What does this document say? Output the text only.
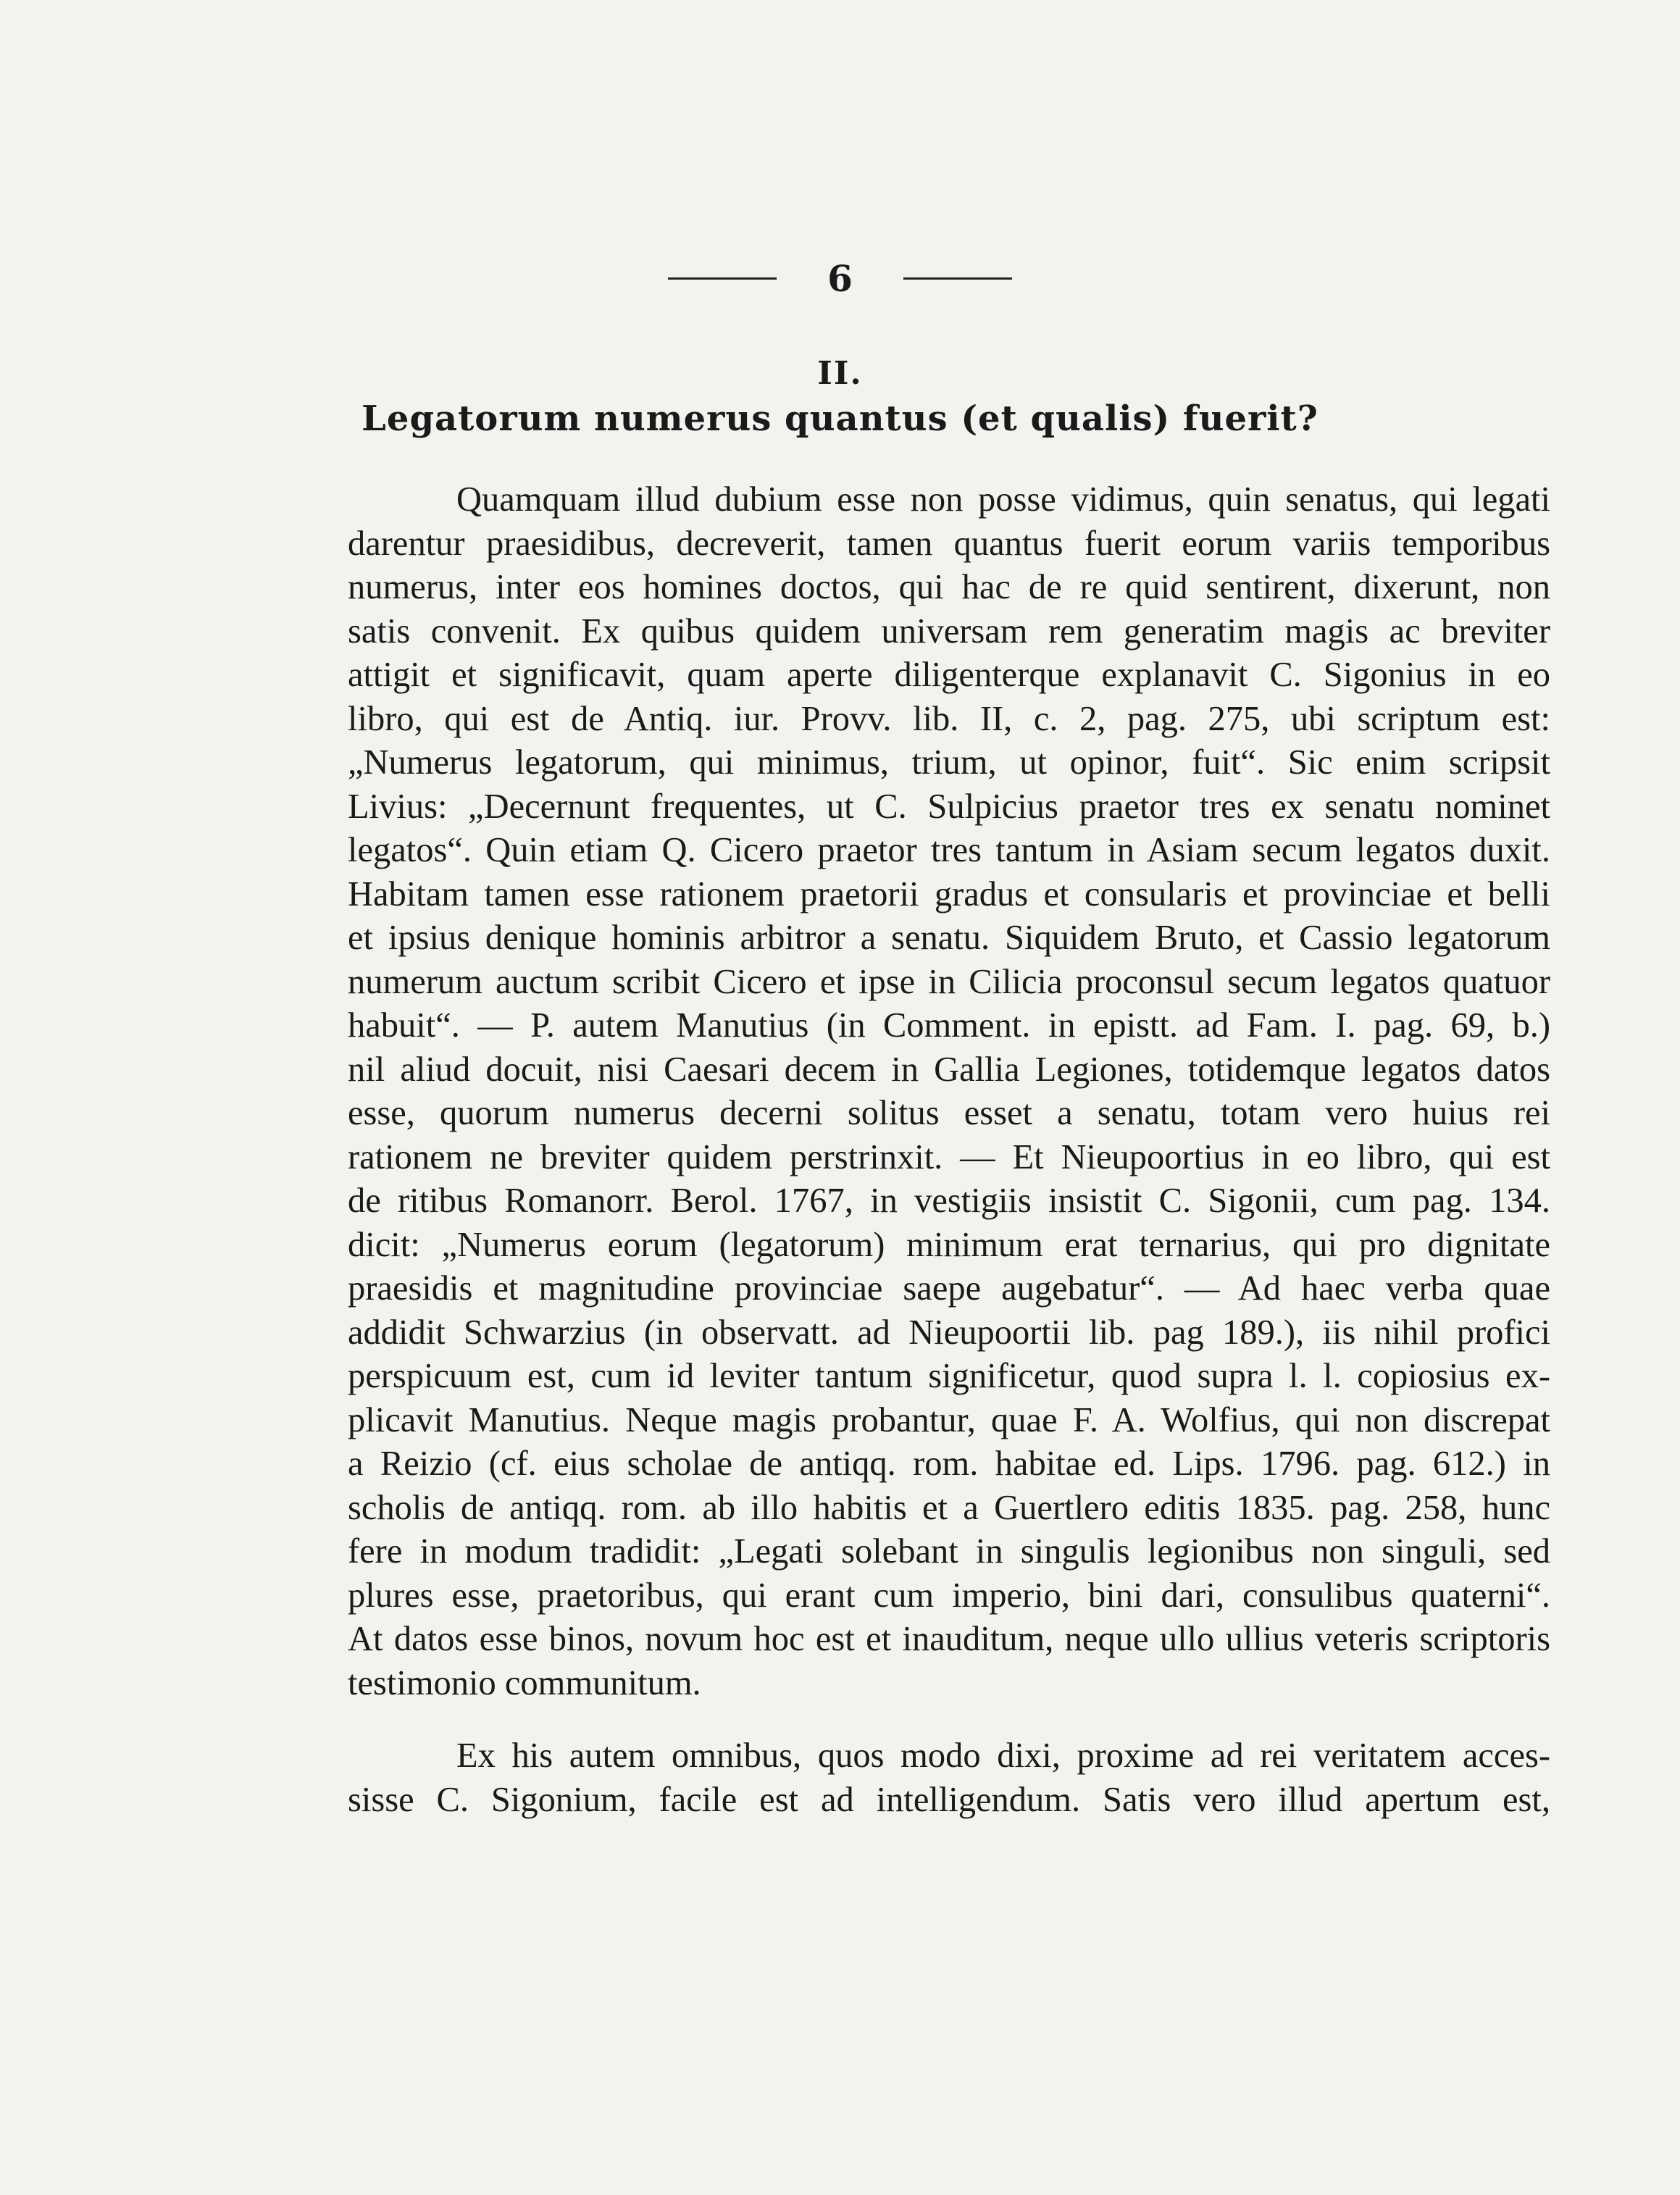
6
II.
Legatorum numerus quantus (et qualis) fuerit?
Quamquam illud dubium esse non posse vidimus, quin senatus, qui legati
darentur praesidibus, decreverit, tamen quantus fuerit eorum variis temporibus
numerus, inter eos homines doctos, qui hac de re quid sentirent, dixerunt, non
satis convenit. Ex quibus quidem universam rem generatim magis ac breviter
attigit et significavit, quam aperte diligenterque explanavit C. Sigonius in eo
libro, qui est de Antiq. iur. Provv. lib. II, c. 2, pag. 275, ubi scriptum est:
„Numerus legatorum, qui minimus, trium, ut opinor, fuit“. Sic enim scripsit
Livius: „Decernunt frequentes, ut C. Sulpicius praetor tres ex senatu nominet
legatos“. Quin etiam Q. Cicero praetor tres tantum in Asiam secum legatos duxit.
Habitam tamen esse rationem praetorii gradus et consularis et provinciae et belli
et ipsius denique hominis arbitror a senatu. Siquidem Bruto, et Cassio legatorum
numerum auctum scribit Cicero et ipse in Cilicia proconsul secum legatos quatuor
habuit“. — P. autem Manutius (in Comment. in epistt. ad Fam. I. pag. 69, b.)
nil aliud docuit, nisi Caesari decem in Gallia Legiones, totidemque legatos datos
esse, quorum numerus decerni solitus esset a senatu, totam vero huius rei
rationem ne breviter quidem perstrinxit. — Et Nieupoortius in eo libro, qui est
de ritibus Romanorr. Berol. 1767, in vestigiis insistit C. Sigonii, cum pag. 134.
dicit: „Numerus eorum (legatorum) minimum erat ternarius, qui pro dignitate
praesidis et magnitudine provinciae saepe augebatur“. — Ad haec verba quae
addidit Schwarzius (in observatt. ad Nieupoortii lib. pag 189.), iis nihil profici
perspicuum est, cum id leviter tantum significetur, quod supra l. l. copiosius ex-
plicavit Manutius. Neque magis probantur, quae F. A. Wolfius, qui non discrepat
a Reizio (cf. eius scholae de antiqq. rom. habitae ed. Lips. 1796. pag. 612.) in
scholis de antiqq. rom. ab illo habitis et a Guertlero editis 1835. pag. 258, hunc
fere in modum tradidit: „Legati solebant in singulis legionibus non singuli, sed
plures esse, praetoribus, qui erant cum imperio, bini dari, consulibus quaterni“.
At datos esse binos, novum hoc est et inauditum, neque ullo ullius veteris scriptoris
testimonio communitum.
Ex his autem omnibus, quos modo dixi, proxime ad rei veritatem acces-
sisse C. Sigonium, facile est ad intelligendum. Satis vero illud apertum est,
